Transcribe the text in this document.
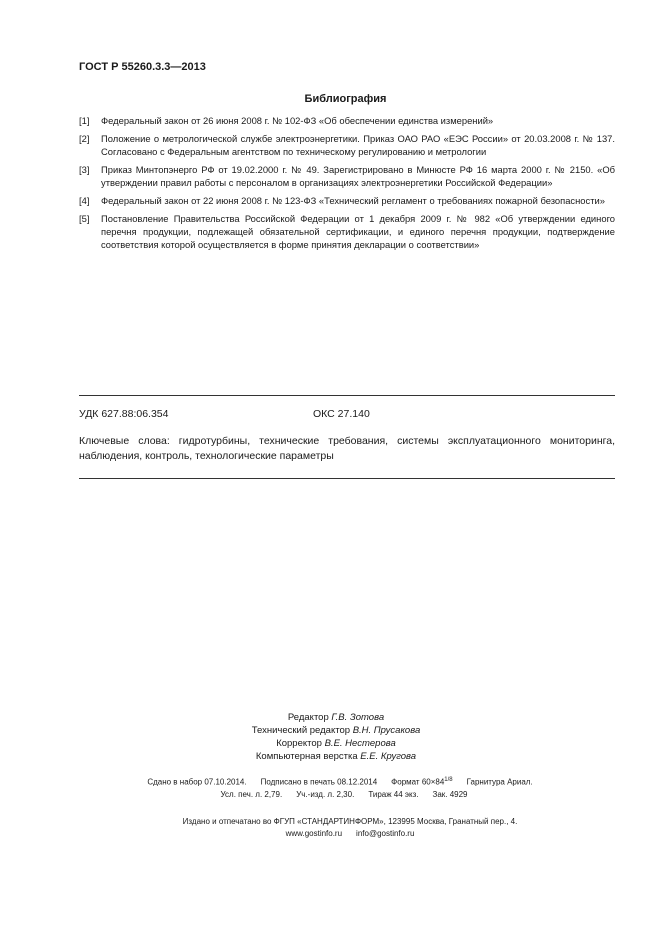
ГОСТ Р 55260.3.3—2013
Библиография
[1]	Федеральный закон от 26 июня 2008 г. № 102-ФЗ «Об обеспечении единства измерений»
[2]	Положение о метрологической службе электроэнергетики. Приказ ОАО РАО «ЕЭС России» от 20.03.2008 г. № 137. Согласовано с Федеральным агентством по техническому регулированию и метрологии
[3]	Приказ Минтопэнерго РФ от 19.02.2000 г. № 49. Зарегистрировано в Минюсте РФ 16 марта 2000 г. № 2150. «Об утверждении правил работы с персоналом в организациях электроэнергетики Российской Федерации»
[4]	Федеральный закон от 22 июня 2008 г. № 123-ФЗ «Технический регламент о требованиях пожарной безопасности»
[5]	Постановление Правительства Российской Федерации от 1 декабря 2009 г. № 982 «Об утверждении единого перечня продукции, подлежащей обязательной сертификации, и единого перечня продукции, подтверждение соответствия которой осуществляется в форме принятия декларации о соответствии»
УДК 627.88:06.354	ОКС 27.140
Ключевые слова: гидротурбины, технические требования, системы эксплуатационного мониторинга, наблюдения, контроль, технологические параметры
Редактор Г.В. Зотова
Технический редактор В.Н. Прусакова
Корректор В.Е. Нестерова
Компьютерная верстка Е.Е. Кругова
Сдано в набор 07.10.2014. Подписано в печать 08.12.2014 Формат $60\times 84^{1/8}$ Гарнитура Ариал.
Усл. печ. л. 2,79. Уч.-изд. л. 2,30. Тираж 44 экз. Зак. 4929
Издано и отпечатано во ФГУП «СТАНДАРТИНФОРМ», 123995 Москва, Гранатный пер., 4.
www.gostinfo.ru info@gostinfo.ru
